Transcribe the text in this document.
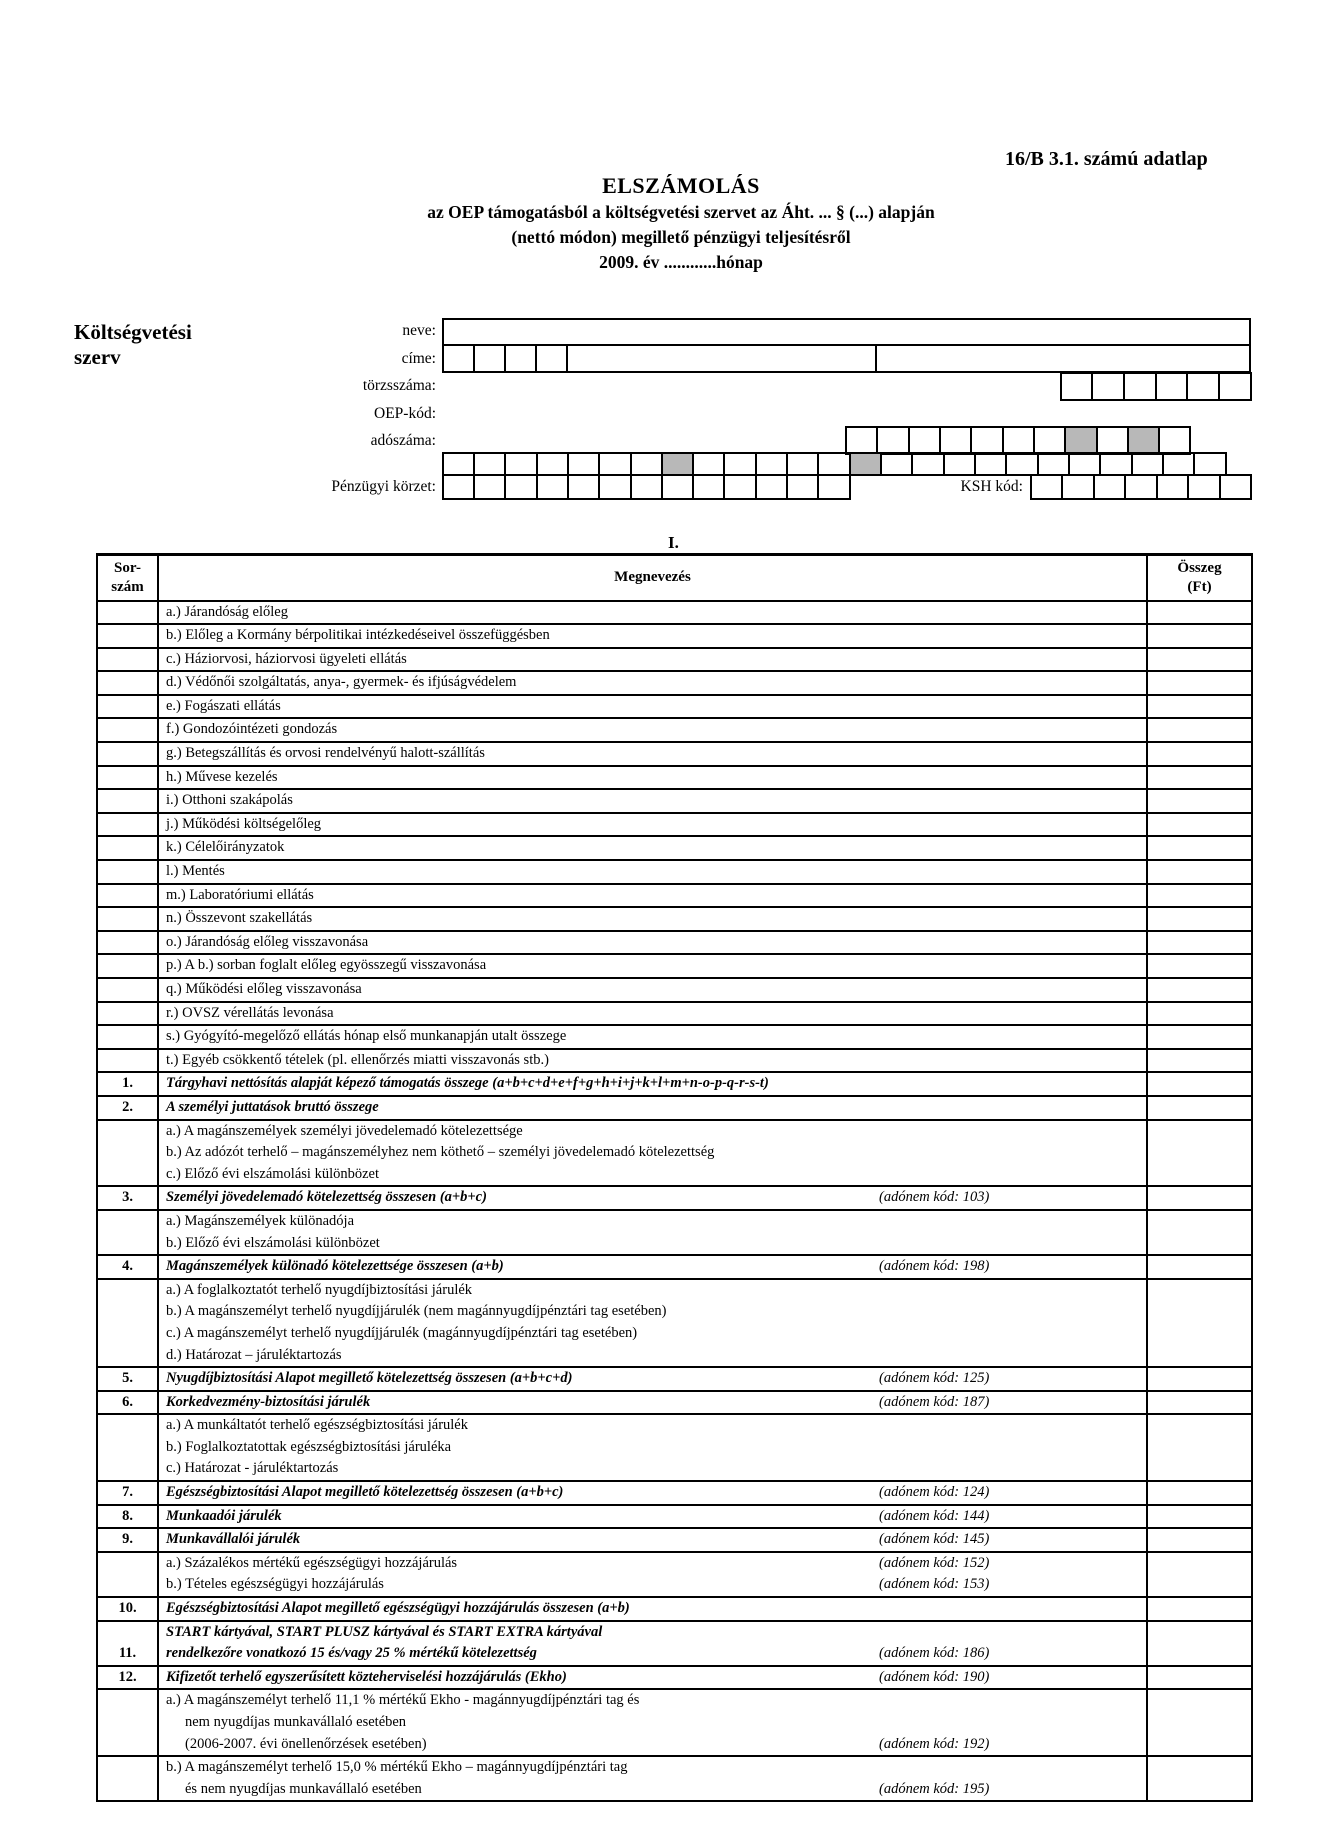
16/B 3.1. számú adatlap
ELSZÁMOLÁS
az OEP támogatásból a költségvetési szervet az Áht. ... § (...) alapján
(nettó módon) megillető pénzügyi teljesítésről
2009. év ............hónap
Költségvetési
szerv
neve:
címe:
törzsszáma:
OEP-kód:
adószáma:
Pénzügyi körzet:	KSH kód:
I.
Sor-szám	Megnevezés	Összeg (Ft)
	a.) Járandóság előleg	
	b.) Előleg a Kormány bérpolitikai intézkedéseivel összefüggésben	
	c.) Háziorvosi, háziorvosi ügyeleti ellátás	
	d.) Védőnői szolgáltatás, anya-, gyermek- és ifjúságvédelem	
	e.) Fogászati ellátás	
	f.) Gondozóintézeti gondozás	
	g.) Betegszállítás és orvosi rendelvényű halott-szállítás	
	h.) Művese kezelés	
	i.) Otthoni szakápolás	
	j.) Működési költségelőleg	
	k.) Célelőirányzatok	
	l.) Mentés	
	m.) Laboratóriumi ellátás	
	n.) Összevont szakellátás	
	o.) Járandóság előleg visszavonása	
	p.) A b.) sorban foglalt előleg egyösszegű visszavonása	
	q.) Működési előleg visszavonása	
	r.) OVSZ vérellátás levonása	
	s.) Gyógyító-megelőző ellátás hónap első munkanapján utalt összege	
	t.) Egyéb csökkentő tételek (pl. ellenőrzés miatti visszavonás stb.)	
1.	Tárgyhavi nettósítás alapját képező támogatás összege (a+b+c+d+e+f+g+h+i+j+k+l+m+n-o-p-q-r-s-t)	
2.	A személyi juttatások bruttó összege	
	a.) A magánszemélyek személyi jövedelemadó kötelezettsége	
	b.) Az adózót terhelő – magánszemélyhez nem köthető – személyi jövedelemadó kötelezettség	
	c.) Előző évi elszámolási különbözet	
3.	Személyi jövedelemadó kötelezettség összesen (a+b+c) (adónem kód: 103)	

	a.) Magánszemélyek különadója	
	b.) Előző évi elszámolási különbözet	
4.	Magánszemélyek különadó kötelezettsége összesen (a+b) (adónem kód: 198)	

	a.) A foglalkoztatót terhelő nyugdíjbiztosítási járulék	
	b.) A magánszemélyt terhelő nyugdíjjárulék (nem magánnyugdíjpénztári tag esetében)	
	c.) A magánszemélyt terhelő nyugdíjjárulék (magánnyugdíjpénztári tag esetében)	
	d.) Határozat – járuléktartozás	
5.	Nyugdíjbiztosítási Alapot megillető kötelezettség összesen (a+b+c+d) (adónem kód: 125)	

6.	Korkedvezmény-biztosítási járulék (adónem kód: 187)	

	a.) A munkáltatót terhelő egészségbiztosítási járulék	
	b.) Foglalkoztatottak egészségbiztosítási járuléka	
	c.) Határozat - járuléktartozás	
7.	Egészségbiztosítási Alapot megillető kötelezettség összesen (a+b+c) (adónem kód: 124)	

8.	Munkaadói járulék (adónem kód: 144)	

9.	Munkavállalói járulék (adónem kód: 145)	

	a.) Százalékos mértékű egészségügyi hozzájárulás (adónem kód: 152)	

	b.) Tételes egészségügyi hozzájárulás (adónem kód: 153)	

10.	Egészségbiztosítási Alapot megillető egészségügyi hozzájárulás összesen (a+b)	
11.	START kártyával, START PLUSZ kártyával és START EXTRA kártyával
rendelkezőre vonatkozó 15 és/vagy 25 % mértékű kötelezettség (adónem kód: 186)	

12.	Kifizetőt terhelő egyszerűsített közteherviselési hozzájárulás (Ekho) (adónem kód: 190)	

	a.) A magánszemélyt terhelő 11,1 % mértékű Ekho - magánnyugdíjpénztári tag és
nem nyugdíjas munkavállaló esetében
(2006-2007. évi önellenőrzések esetében) (adónem kód: 192)	

	b.) A magánszemélyt terhelő 15,0 % mértékű Ekho – magánnyugdíjpénztári tag
és nem nyugdíjas munkavállaló esetében (adónem kód: 195)	
